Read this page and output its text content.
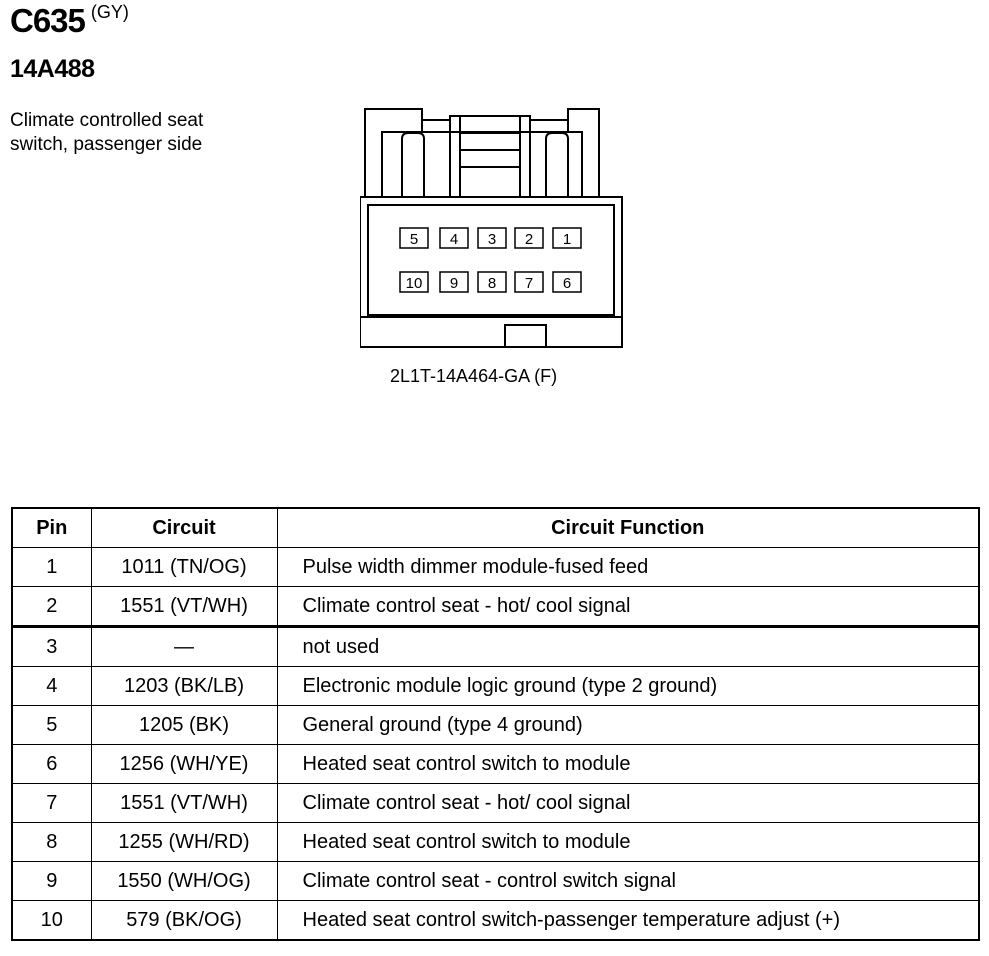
C635 $^{(GY)}$
14A488
Climate controlled seat
switch, passenger side
5 4 3 2 1
10 9 8 7 6
2L1T-14A464-GA (F)
Pin	Circuit	Circuit Function
1	1011 (TN/OG)	Pulse width dimmer module-fused feed
2	1551 (VT/WH)	Climate control seat - hot/ cool signal
3	—	not used
4	1203 (BK/LB)	Electronic module logic ground (type 2 ground)
5	1205 (BK)	General ground (type 4 ground)
6	1256 (WH/YE)	Heated seat control switch to module
7	1551 (VT/WH)	Climate control seat - hot/ cool signal
8	1255 (WH/RD)	Heated seat control switch to module
9	1550 (WH/OG)	Climate control seat - control switch signal
10	579 (BK/OG)	Heated seat control switch-passenger temperature adjust (+)
